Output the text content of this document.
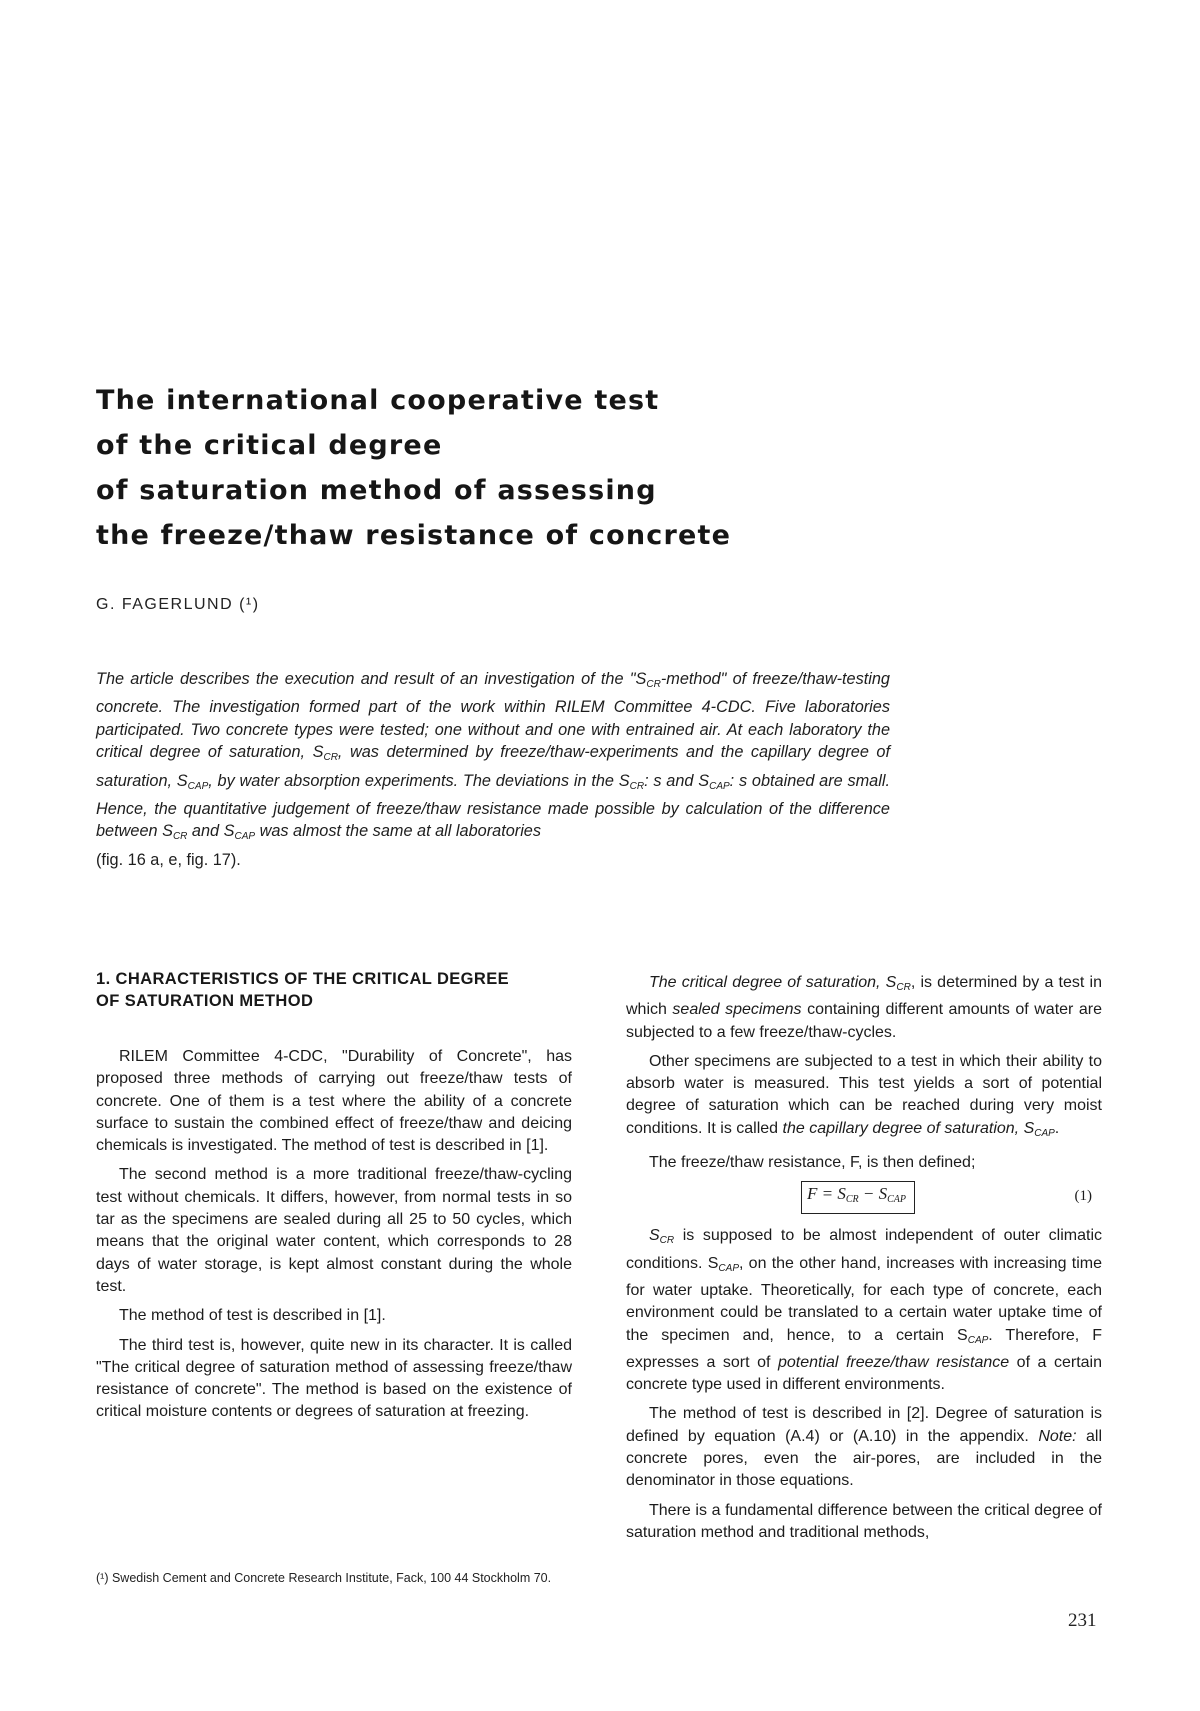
The international cooperative test
of the critical degree
of saturation method of assessing
the freeze/thaw resistance of concrete
G. FAGERLUND (¹)
The article describes the execution and result of an investigation of the "$S_{CR}$-method" of freeze/thaw-testing concrete. The investigation formed part of the work within RILEM Committee 4-CDC. Five laboratories participated. Two concrete types were tested; one without and one with entrained air. At each laboratory the critical degree of saturation, $S_{CR}$, was determined by freeze/thaw-experiments and the capillary degree of saturation, $S_{CAP}$, by water absorption experiments. The deviations in the $S_{CR}$: s and $S_{CAP}$: s obtained are small. Hence, the quantitative judgement of freeze/thaw resistance made possible by calculation of the difference between $S_{CR}$ and $S_{CAP}$ was almost the same at all laboratories
(fig. 16 a, e, fig. 17).
1. CHARACTERISTICS OF THE CRITICAL DEGREE
OF SATURATION METHOD

RILEM Committee 4-CDC, "Durability of Concrete", has proposed three methods of carrying out freeze/thaw tests of concrete. One of them is a test where the ability of a concrete surface to sustain the combined effect of freeze/thaw and deicing chemicals is investigated. The method of test is described in [1].

The second method is a more traditional freeze/thaw-cycling test without chemicals. It differs, however, from normal tests in so tar as the specimens are sealed during all 25 to 50 cycles, which means that the original water content, which corresponds to 28 days of water storage, is kept almost constant during the whole test.

The method of test is described in [1].

The third test is, however, quite new in its character. It is called "The critical degree of saturation method of assessing freeze/thaw resistance of concrete". The method is based on the existence of critical moisture contents or degrees of saturation at freezing.

The critical degree of saturation, $S_{CR}$, is determined by a test in which sealed specimens containing different amounts of water are subjected to a few freeze/thaw-cycles.

Other specimens are subjected to a test in which their ability to absorb water is measured. This test yields a sort of potential degree of saturation which can be reached during very moist conditions. It is called the capillary degree of saturation, $S_{CAP}$.

The freeze/thaw resistance, F, is then defined;

$F = S_{CR} - S_{CAP}$	(1)

$S_{CR}$ is supposed to be almost independent of outer climatic conditions. $S_{CAP}$, on the other hand, increases with increasing time for water uptake. Theoretically, for each type of concrete, each environment could be translated to a certain water uptake time of the specimen and, hence, to a certain $S_{CAP}$. Therefore, F expresses a sort of potential freeze/thaw resistance of a certain concrete type used in different environments.

The method of test is described in [2]. Degree of saturation is defined by equation (A.4) or (A.10) in the appendix. Note: all concrete pores, even the air-pores, are included in the denominator in those equations.

There is a fundamental difference between the critical degree of saturation method and traditional methods,

(¹) Swedish Cement and Concrete Research Institute, Fack, 100 44 Stockholm 70.
231
